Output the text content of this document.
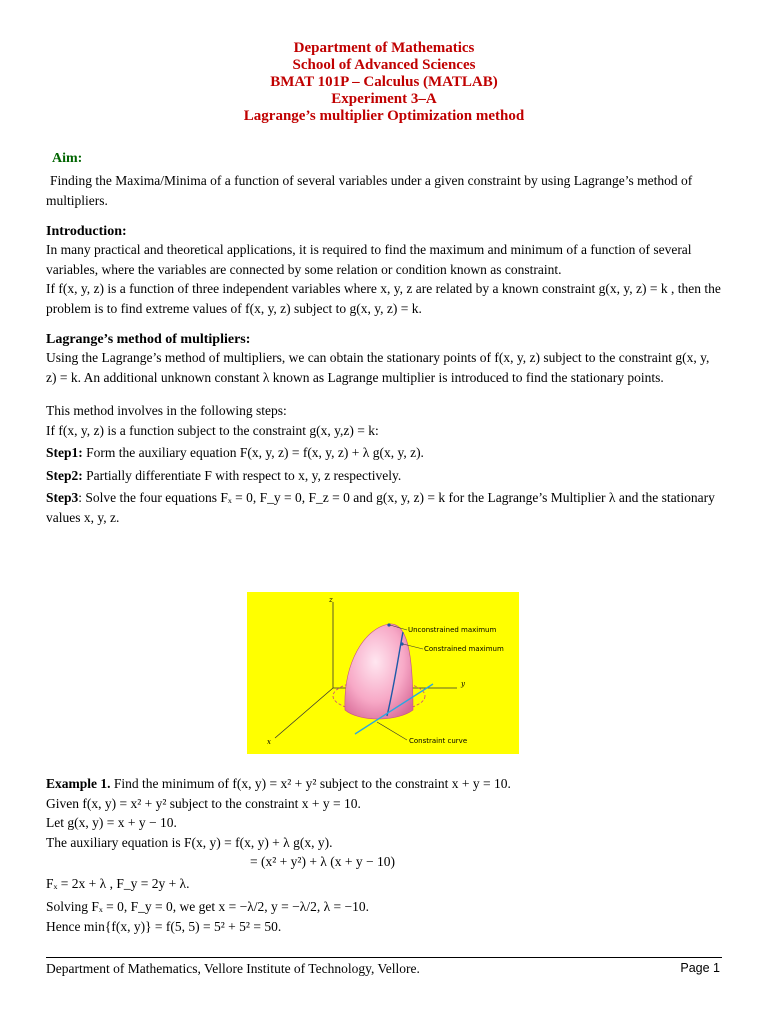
Department of Mathematics
School of Advanced Sciences
BMAT 101P – Calculus (MATLAB)
Experiment 3–A
Lagrange’s multiplier Optimization method
Aim:
Finding the Maxima/Minima of a function of several variables under a given constraint by using Lagrange’s method of multipliers.
Introduction:
In many practical and theoretical applications, it is required to find the maximum and minimum of a function of several variables, where the variables are connected by some relation or condition known as constraint.
If f(x, y, z) is a function of three independent variables where x, y, z are related by a known constraint g(x, y, z) = k , then the problem is to find extreme values of f(x, y, z) subject to g(x, y, z) = k.
Lagrange’s method of multipliers:
Using the Lagrange’s method of multipliers, we can obtain the stationary points of f(x, y, z) subject to the constraint g(x, y, z) = k. An additional unknown constant λ known as Lagrange multiplier is introduced to find the stationary points.
This method involves in the following steps:
If f(x, y, z) is a function subject to the constraint g(x, y,z) = k:
Step1: Form the auxiliary equation F(x, y, z) = f(x, y, z) + λ g(x, y, z).
Step2: Partially differentiate F with respect to x, y, z respectively.
Step3: Solve the four equations Fₓ = 0, F_y = 0, F_z = 0 and g(x, y, z) = k for the Lagrange’s Multiplier λ and the stationary values x, y, z.
z
y
x
Unconstrained maximum
Constrained maximum
Constraint curve
Example 1. Find the minimum of f(x, y) = x² + y² subject to the constraint x + y = 10.
Given f(x, y) = x² + y² subject to the constraint x + y = 10.
Let g(x, y) = x + y − 10.
The auxiliary equation is F(x, y) = f(x, y) + λ g(x, y).
= (x² + y²) + λ (x + y − 10)
Fₓ = 2x + λ , F_y = 2y + λ.
Solving Fₓ = 0, F_y = 0, we get x = −λ/2, y = −λ/2, λ = −10.
Hence min{f(x, y)} = f(5, 5) = 5² + 5² = 50.
Department of Mathematics, Vellore Institute of Technology, Vellore.	Page 1
